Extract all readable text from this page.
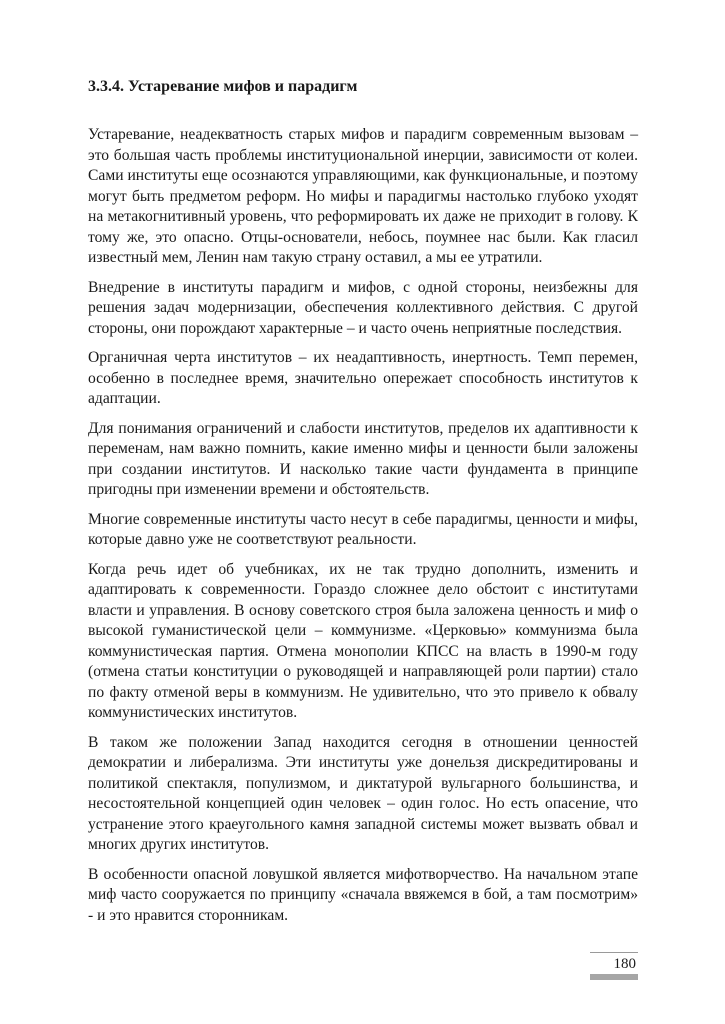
3.3.4. Устаревание мифов и парадигм

Устаревание, неадекватность старых мифов и парадигм современным вызовам – это большая часть проблемы институциональной инерции, зависимости от колеи. Сами институты еще осознаются управляющими, как функциональные, и поэтому могут быть предметом реформ. Но мифы и парадигмы настолько глубоко уходят на метакогнитивный уровень, что реформировать их даже не приходит в голову. К тому же, это опасно. Отцы-основатели, небось, поумнее нас были. Как гласил известный мем, Ленин нам такую страну оставил, а мы ее утратили.

Внедрение в институты парадигм и мифов, с одной стороны, неизбежны для решения задач модернизации, обеспечения коллективного действия. С другой стороны, они порождают характерные – и часто очень неприятные последствия.

Органичная черта институтов – их неадаптивность, инертность. Темп перемен, особенно в последнее время, значительно опережает способность институтов к адаптации.

Для понимания ограничений и слабости институтов, пределов их адаптивности к переменам, нам важно помнить, какие именно мифы и ценности были заложены при создании институтов. И насколько такие части фундамента в принципе пригодны при изменении времени и обстоятельств.

Многие современные институты часто несут в себе парадигмы, ценности и мифы, которые давно уже не соответствуют реальности.

Когда речь идет об учебниках, их не так трудно дополнить, изменить и адаптировать к современности. Гораздо сложнее дело обстоит с институтами власти и управления. В основу советского строя была заложена ценность и миф о высокой гуманистической цели – коммунизме. «Церковью» коммунизма была коммунистическая партия. Отмена монополии КПСС на власть в 1990-м году (отмена статьи конституции о руководящей и направляющей роли партии) стало по факту отменой веры в коммунизм. Не удивительно, что это привело к обвалу коммунистических институтов.

В таком же положении Запад находится сегодня в отношении ценностей демократии и либерализма. Эти институты уже донельзя дискредитированы и политикой спектакля, популизмом, и диктатурой вульгарного большинства, и несостоятельной концепцией один человек – один голос. Но есть опасение, что устранение этого краеугольного камня западной системы может вызвать обвал и многих других институтов.

В особенности опасной ловушкой является мифотворчество. На начальном этапе миф часто сооружается по принципу «сначала ввяжемся в бой, а там посмотрим» - и это нравится сторонникам.

180
